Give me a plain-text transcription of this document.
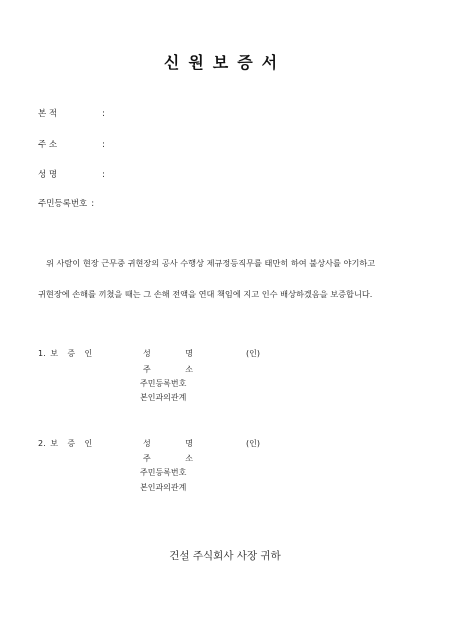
신원보증서
본 적	:
주 소	:
성 명	:
주민등록번호 :
위 사람이 현장 근무중 귀현장의 공사 수행상 제규정등직무를 태만히 하여 불상사를 야기하고
귀현장에 손해를 끼쳤을 때는 그 손해 전액을 연대 책임에 지고 인수 배상하겠음을 보증합니다.
1. 보 증 인	성	명	(인)
주	소
주민등록번호
본인과의관계
2. 보 증 인	성	명	(인)
주	소
주민등록번호
본인과의관계
건설 주식회사 사장 귀하
